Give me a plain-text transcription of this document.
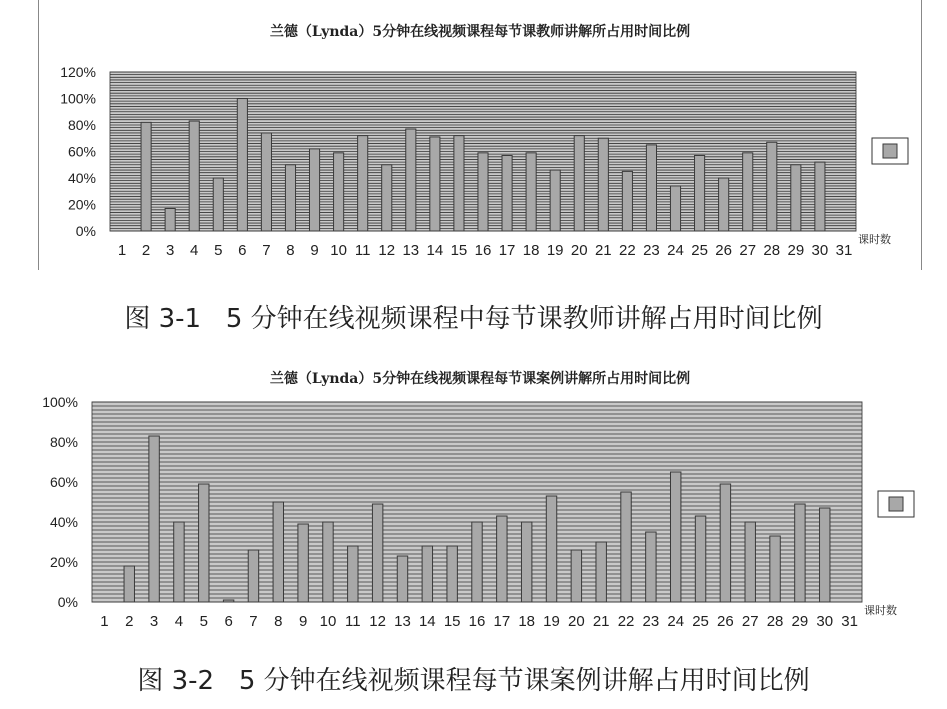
兰德（Lynda）5分钟在线视频课程每节课教师讲解所占用时间比例
0%
20%
40%
60%
80%
100%
120%
1 2 3 4 5 6 7 8 9 10 11 12 13 14 15 16 17 18 19 20 21 22 23 24 25 26 27 28 29 30 31
课时数
图 3-1   5 分钟在线视频课程中每节课教师讲解占用时间比例
兰德（Lynda）5分钟在线视频课程每节课案例讲解所占用时间比例
0%
20%
40%
60%
80%
100%
1 2 3 4 5 6 7 8 9 10 11 12 13 14 15 16 17 18 19 20 21 22 23 24 25 26 27 28 29 30 31
课时数
图 3-2   5 分钟在线视频课程每节课案例讲解占用时间比例
